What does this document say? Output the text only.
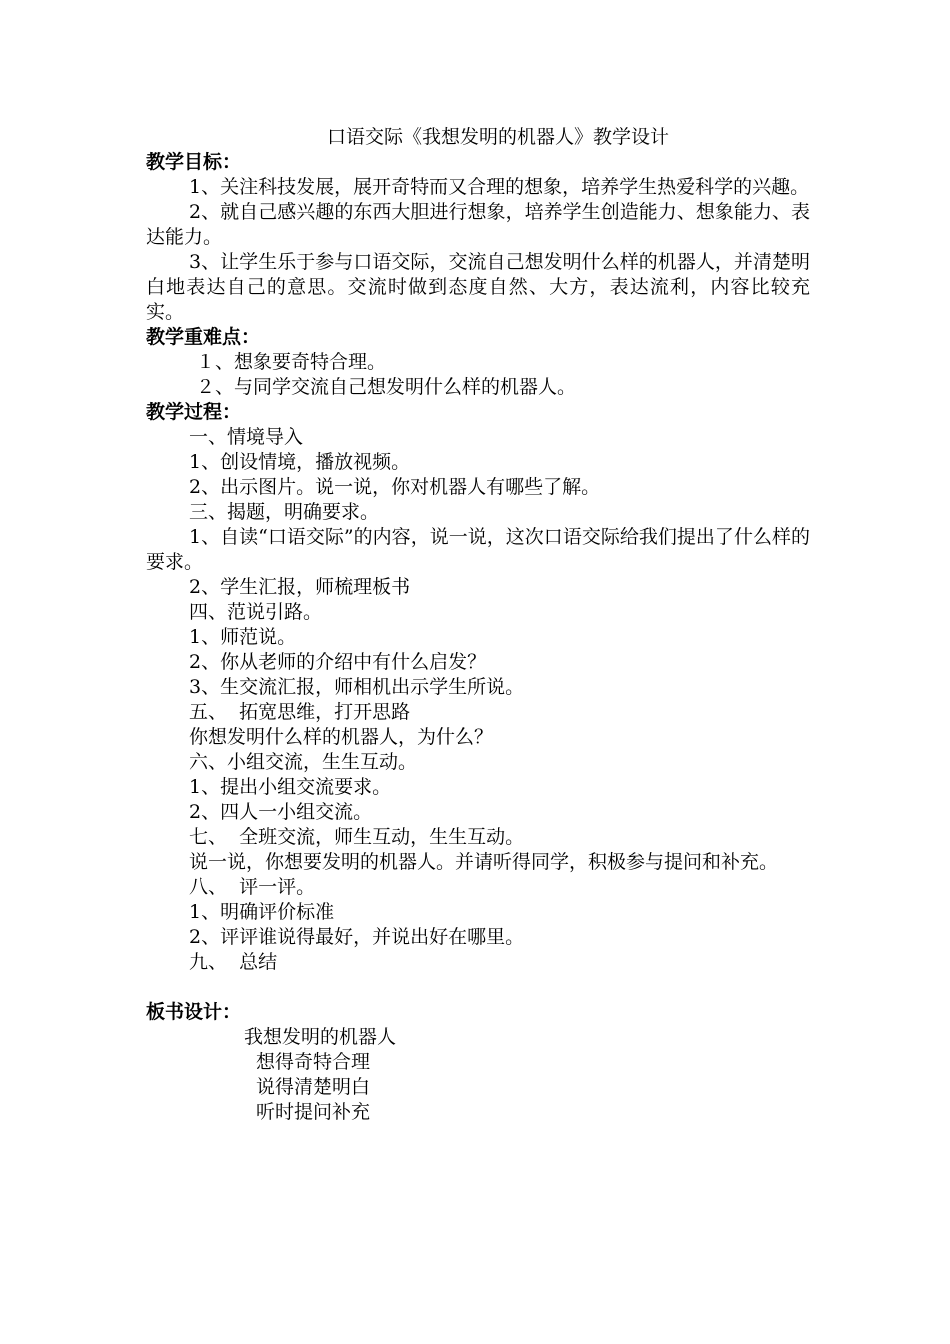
口语交际《我想发明的机器人》教学设计
教学目标：
1、关注科技发展，展开奇特而又合理的想象，培养学生热爱科学的兴趣。
2、就自己感兴趣的东西大胆进行想象，培养学生创造能力、想象能力、表达能力。
3、让学生乐于参与口语交际，交流自己想发明什么样的机器人，并清楚明白地表达自己的意思。交流时做到态度自然、大方，表达流利，内容比较充实。
教学重难点：
１、想象要奇特合理。
２、与同学交流自己想发明什么样的机器人。
教学过程：
一、情境导入
1、创设情境，播放视频。
2、出示图片。说一说，你对机器人有哪些了解。
三、揭题，明确要求。
1、自读“口语交际”的内容，说一说，这次口语交际给我们提出了什么样的要求。
2、学生汇报，师梳理板书
四、范说引路。
1、师范说。
2、你从老师的介绍中有什么启发？
3、生交流汇报，师相机出示学生所说。
五、  拓宽思维，打开思路
你想发明什么样的机器人，为什么？
六、小组交流，生生互动。
1、提出小组交流要求。
2、四人一小组交流。
七、  全班交流，师生互动，生生互动。
说一说，你想要发明的机器人。并请听得同学，积极参与提问和补充。
八、  评一评。
1、明确评价标准
2、评评谁说得最好，并说出好在哪里。
九、  总结
板书设计：
我想发明的机器人
想得奇特合理
说得清楚明白
听时提问补充
